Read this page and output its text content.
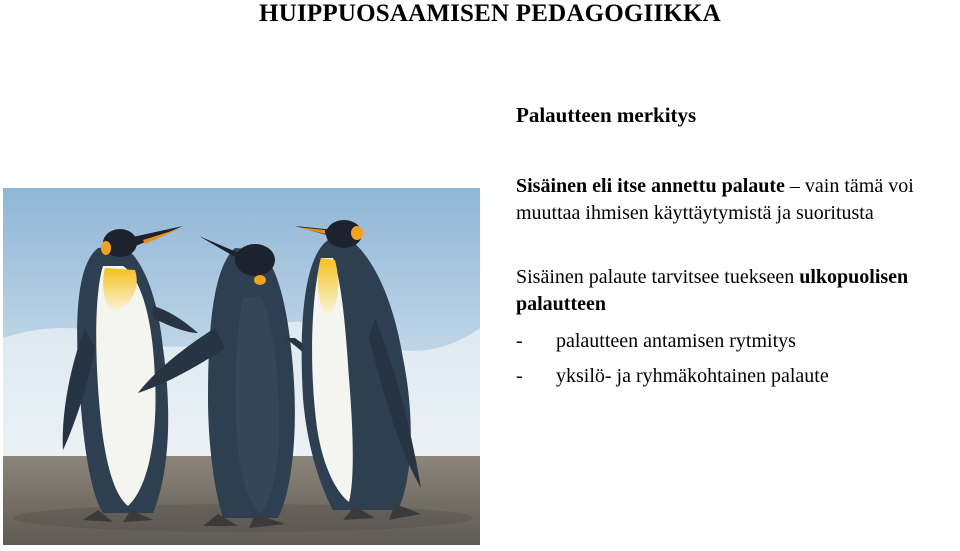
HUIPPUOSAAMISEN PEDAGOGIIKKA
Palautteen merkitys
Sisäinen eli itse annettu palaute – vain tämä voi muuttaa ihmisen käyttäytymistä ja suoritusta
Sisäinen palaute tarvitsee tuekseen ulkopuolisen palautteen
- palautteen antamisen rytmitys
- yksilö- ja ryhmäkohtainen palaute
